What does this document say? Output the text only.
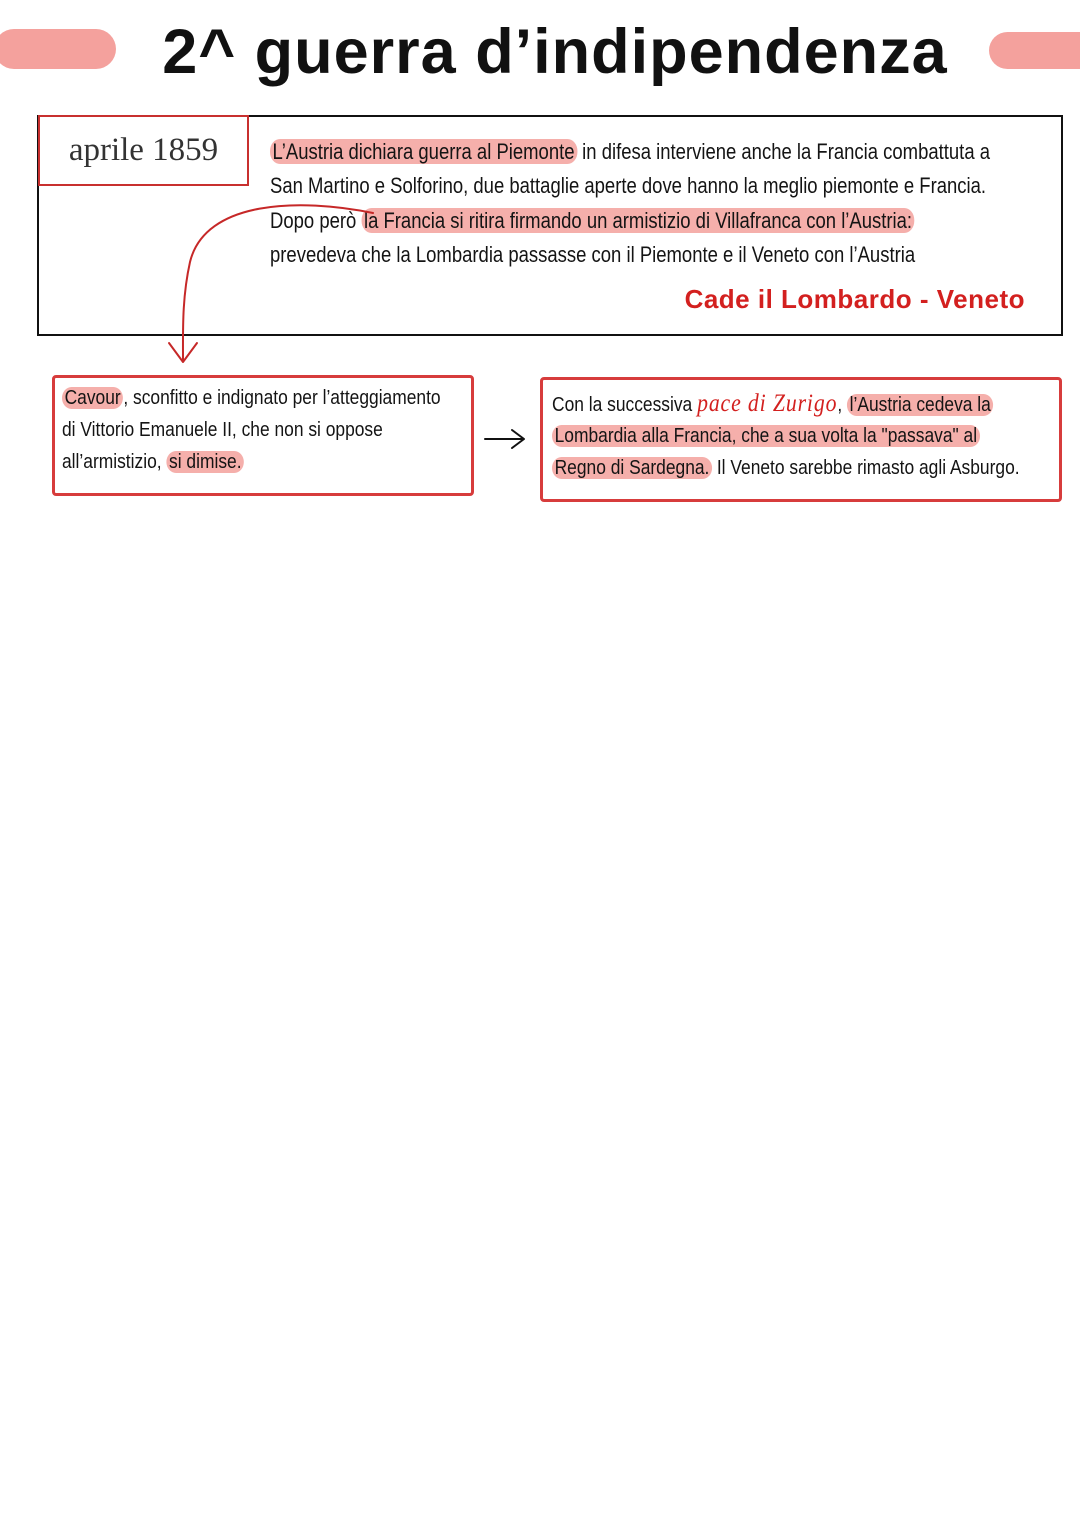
2^ guerra d’indipendenza
aprile 1859 L’Austria dichiara guerra al Piemonte in difesa interviene anche la Francia combattuta a
San Martino e Solforino, due battaglie aperte dove hanno la meglio piemonte e Francia.
Dopo però la Francia si ritira firmando un armistizio di Villafranca con l’Austria:
prevedeva che la Lombardia passasse con il Piemonte e il Veneto con l’Austria
Cade il Lombardo - Veneto
Cavour , sconfitto e indignato per l’atteggiamento
di Vittorio Emanuele II, che non si oppose
all’armistizio, si dimise.
Con la successiva pace di Zurigo, l’Austria cedeva la
Lombardia alla Francia, che a sua volta la "passava" al
Regno di Sardegna. Il Veneto sarebbe rimasto agli Asburgo.
